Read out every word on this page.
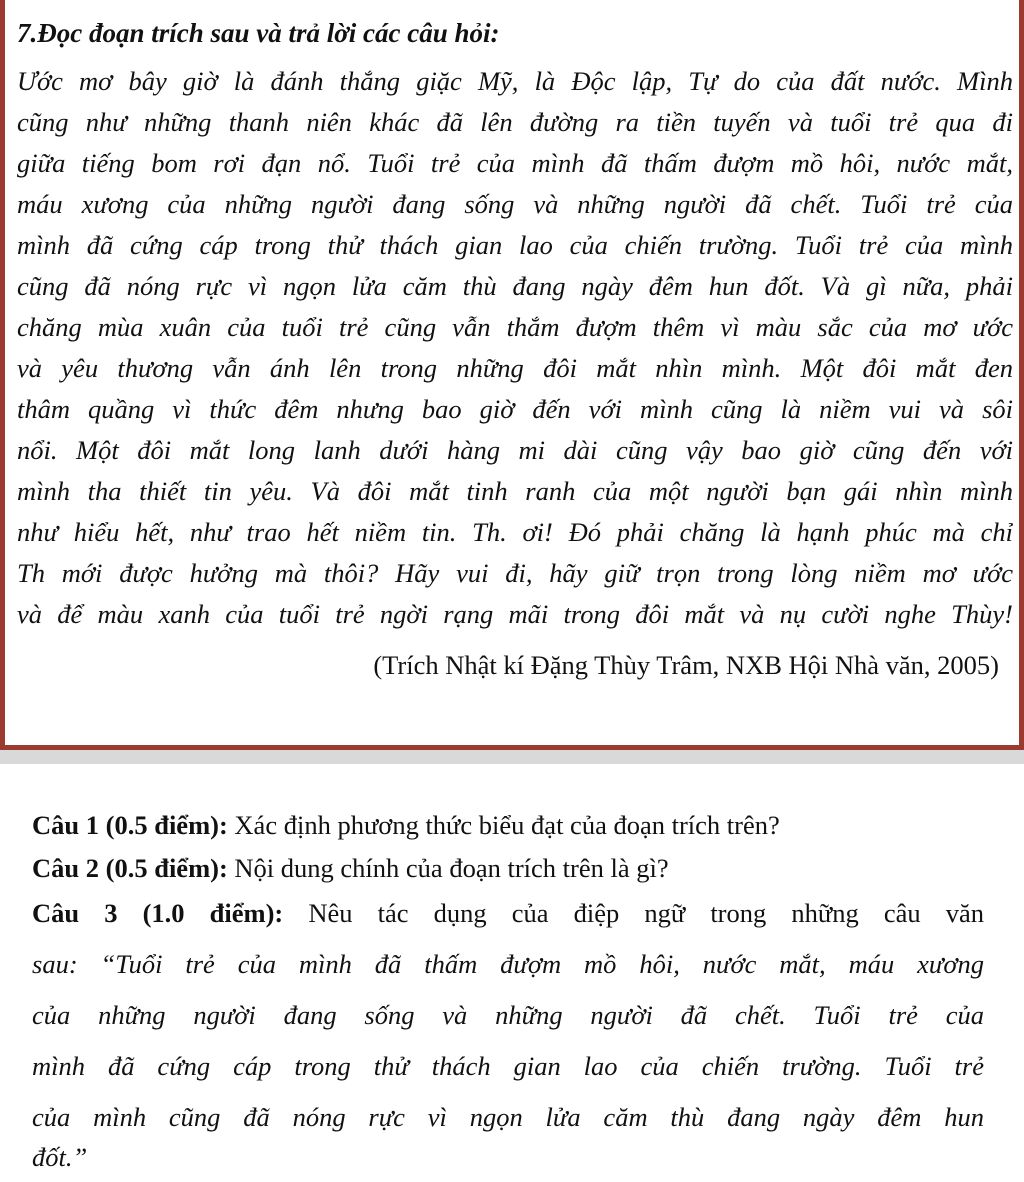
7.Đọc đoạn trích sau và trả lời các câu hỏi:

Ước mơ bây giờ là đánh thắng giặc Mỹ, là Độc lập, Tự do của đất nước. Mình

cũng như những thanh niên khác đã lên đường ra tiền tuyến và tuổi trẻ qua đi

giữa tiếng bom rơi đạn nổ. Tuổi trẻ của mình đã thấm đượm mồ hôi, nước mắt,

máu xương của những người đang sống và những người đã chết. Tuổi trẻ của

mình đã cứng cáp trong thử thách gian lao của chiến trường. Tuổi trẻ của mình

cũng đã nóng rực vì ngọn lửa căm thù đang ngày đêm hun đốt. Và gì nữa, phải

chăng mùa xuân của tuổi trẻ cũng vẫn thắm đượm thêm vì màu sắc của mơ ước

và yêu thương vẫn ánh lên trong những đôi mắt nhìn mình. Một đôi mắt đen

thâm quầng vì thức đêm nhưng bao giờ đến với mình cũng là niềm vui và sôi

nổi. Một đôi mắt long lanh dưới hàng mi dài cũng vậy bao giờ cũng đến với

mình tha thiết tin yêu. Và đôi mắt tinh ranh của một người bạn gái nhìn mình

như hiểu hết, như trao hết niềm tin. Th. ơi! Đó phải chăng là hạnh phúc mà chỉ

Th mới được hưởng mà thôi? Hãy vui đi, hãy giữ trọn trong lòng niềm mơ ước

và để màu xanh của tuổi trẻ ngời rạng mãi trong đôi mắt và nụ cười nghe Thùy!

(Trích Nhật kí Đặng Thùy Trâm, NXB Hội Nhà văn, 2005)

Câu 1 (0.5 điểm): Xác định phương thức biểu đạt của đoạn trích trên?

Câu 2 (0.5 điểm): Nội dung chính của đoạn trích trên là gì?

Câu 3 (1.0 điểm): Nêu tác dụng của điệp ngữ trong những câu văn

sau: “Tuổi trẻ của mình đã thấm đượm mồ hôi, nước mắt, máu xương

của những người đang sống và những người đã chết. Tuổi trẻ của

mình đã cứng cáp trong thử thách gian lao của chiến trường. Tuổi trẻ

của mình cũng đã nóng rực vì ngọn lửa căm thù đang ngày đêm hun

đốt.”
